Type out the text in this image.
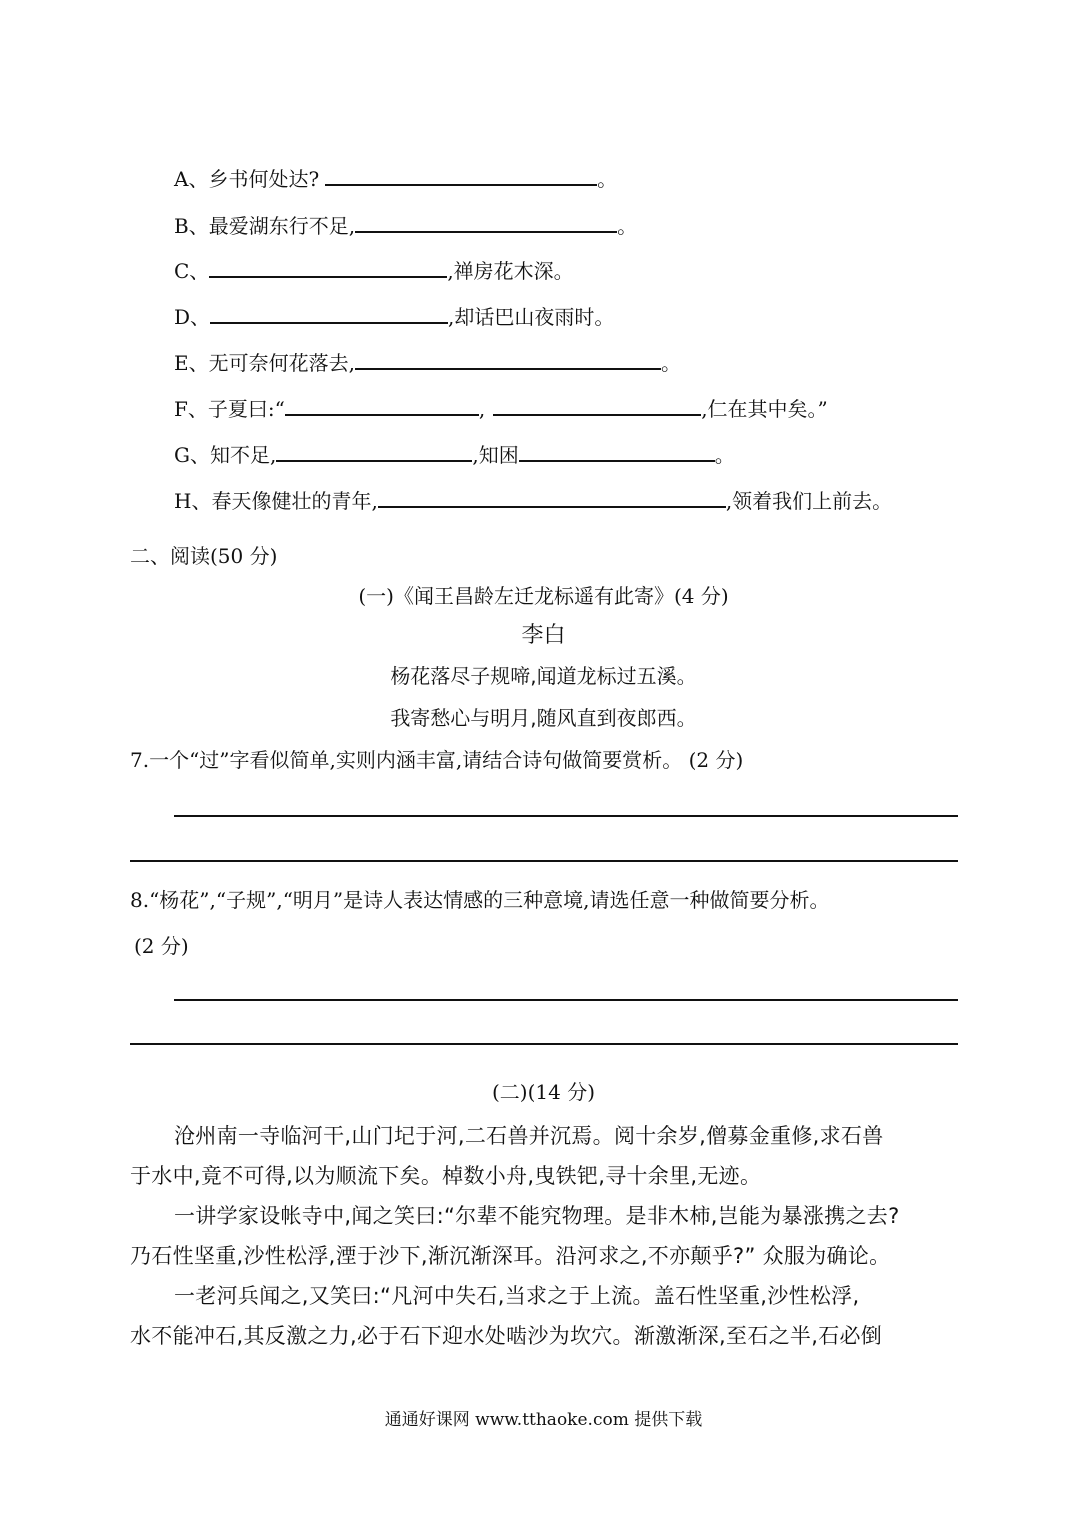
A、乡书何处达?	。
B、最爱湖东行不足,	。
C、	,禅房花木深。
D、	,却话巴山夜雨时。
E、无可奈何花落去,	。
F、子夏曰:“	,	,仁在其中矣。”
G、知不足,	,知困	。
H、春天像健壮的青年,	,领着我们上前去。
二、阅读(50 分)
(一)《闻王昌龄左迁龙标遥有此寄》(4 分)
李白
杨花落尽子规啼,闻道龙标过五溪。
我寄愁心与明月,随风直到夜郎西。
7.一个“过”字看似简单,实则内涵丰富,请结合诗句做简要赏析。 (2 分)
8.“杨花”,“子规”,“明月”是诗人表达情感的三种意境,请选任意一种做简要分析。
(2 分)
(二)(14 分)
沧州南一寺临河干,山门圮于河,二石兽并沉焉。阅十余岁,僧募金重修,求石兽
于水中,竟不可得,以为顺流下矣。棹数小舟,曳铁钯,寻十余里,无迹。
一讲学家设帐寺中,闻之笑曰:“尔辈不能究物理。是非木柿,岂能为暴涨携之去?
乃石性坚重,沙性松浮,湮于沙下,渐沉渐深耳。沿河求之,不亦颠乎?” 众服为确论。
一老河兵闻之,又笑曰:“凡河中失石,当求之于上流。盖石性坚重,沙性松浮,
水不能冲石,其反激之力,必于石下迎水处啮沙为坎穴。渐激渐深,至石之半,石必倒
通通好课网 www.tthaoke.com 提供下载
